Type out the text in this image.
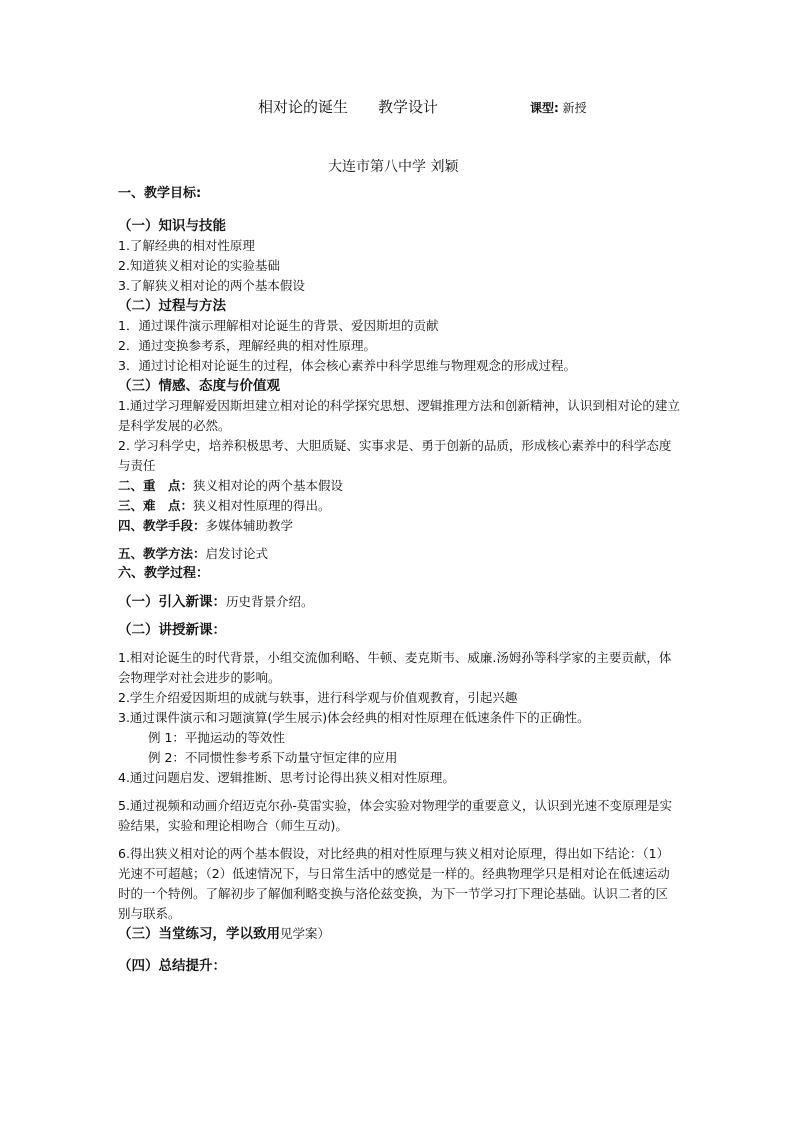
相对论的诞生 教学设计	课型: 新授
大连市第八中学 刘颖

一、教学目标:

（一）知识与技能

1.了解经典的相对性原理

2.知道狭义相对论的实验基础

3.了解狭义相对论的两个基本假设

（二）过程与方法

1．通过课件演示理解相对论诞生的背景、爱因斯坦的贡献

2．通过变换参考系，理解经典的相对性原理。

3．通过讨论相对论诞生的过程，体会核心素养中科学思维与物理观念的形成过程。

（三）情感、态度与价值观

1.通过学习理解爱因斯坦建立相对论的科学探究思想、逻辑推理方法和创新精神，认识到相对论的建立是科学发展的必然。

2. 学习科学史，培养积极思考、大胆质疑、实事求是、勇于创新的品质，形成核心素养中的科学态度与责任

二、重　点：狭义相对论的两个基本假设

三、难　点：狭义相对性原理的得出。

四、教学手段：多媒体辅助教学

五、教学方法：启发讨论式

六、教学过程：

（一）引入新课：历史背景介绍。

（二）讲授新课：

1.相对论诞生的时代背景，小组交流伽利略、牛顿、麦克斯韦、威廉.汤姆孙等科学家的主要贡献，体会物理学对社会进步的影响。

2.学生介绍爱因斯坦的成就与轶事，进行科学观与价值观教育，引起兴趣

3.通过课件演示和习题演算(学生展示)体会经典的相对性原理在低速条件下的正确性。

例 1：平抛运动的等效性

例 2：不同惯性参考系下动量守恒定律的应用

4.通过问题启发、逻辑推断、思考讨论得出狭义相对性原理。

5.通过视频和动画介绍迈克尔孙-莫雷实验，体会实验对物理学的重要意义，认识到光速不变原理是实验结果，实验和理论相吻合（师生互动)。

6.得出狭义相对论的两个基本假设，对比经典的相对性原理与狭义相对论原理，得出如下结论：（1）光速不可超越；（2）低速情况下，与日常生活中的感觉是一样的。经典物理学只是相对论在低速运动时的一个特例。了解初步了解伽利略变换与洛伦兹变换，为下一节学习打下理论基础。认识二者的区别与联系。

（三）当堂练习，学以致用见学案）

（四）总结提升：
